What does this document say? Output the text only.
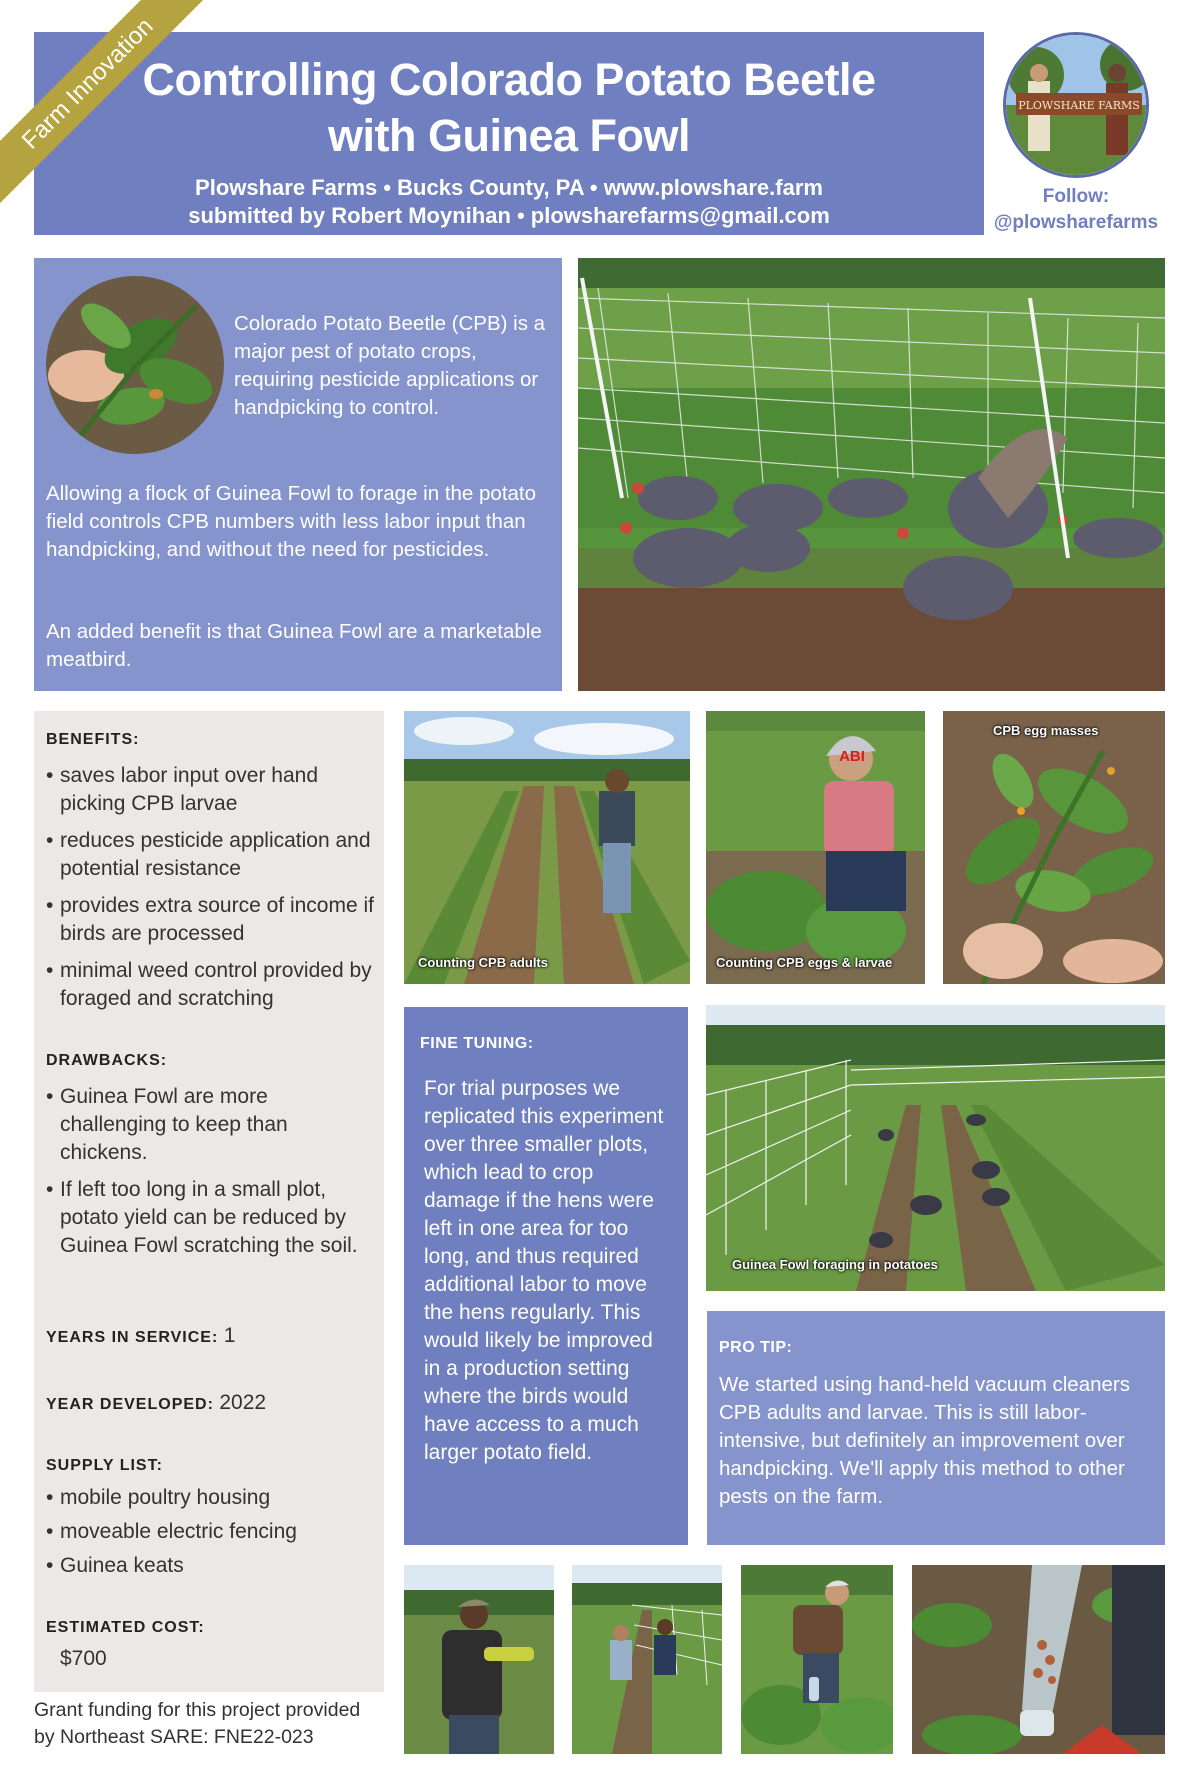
Controlling Colorado Potato Beetle
with Guinea Fowl
Plowshare Farms • Bucks County, PA • www.plowshare.farm
submitted by Robert Moynihan • plowsharefarms@gmail.com
Farm Innovation	PLOWSHARE FARMS
Follow:
@plowsharefarms
Colorado Potato Beetle (CPB) is a major pest of potato crops, requiring pesticide applications or handpicking to control.
Allowing a flock of Guinea Fowl to forage in the potato field controls CPB numbers with less labor input than handpicking, and without the need for pesticides.
An added benefit is that Guinea Fowl are a marketable meatbird.
BENEFITS:
• saves labor input over hand picking CPB larvae
• reduces pesticide application and potential resistance
• provides extra source of income if birds are processed
• minimal weed control provided by foraged and scratching
DRAWBACKS:
• Guinea Fowl are more challenging to keep than chickens.
• If left too long in a small plot, potato yield can be reduced by Guinea Fowl scratching the soil.
YEARS IN SERVICE: 1
YEAR DEVELOPED: 2022
SUPPLY LIST:
• mobile poultry housing
• moveable electric fencing
• Guinea keats
ESTIMATED COST:
$700
Grant funding for this project provided
by Northeast SARE: FNE22-023
Counting CPB adults
ABI
Counting CPB eggs & larvae
CPB egg masses
FINE TUNING:
For trial purposes we replicated this experiment over three smaller plots, which lead to crop damage if the hens were left in one area for too long, and thus required additional labor to move the hens regularly. This would likely be improved in a production setting where the birds would have access to a much larger potato field.
Guinea Fowl foraging in potatoes
PRO TIP:
We started using hand-held vacuum cleaners CPB adults and larvae. This is still labor-intensive, but definitely an improvement over handpicking. We'll apply this method to other pests on the farm.
